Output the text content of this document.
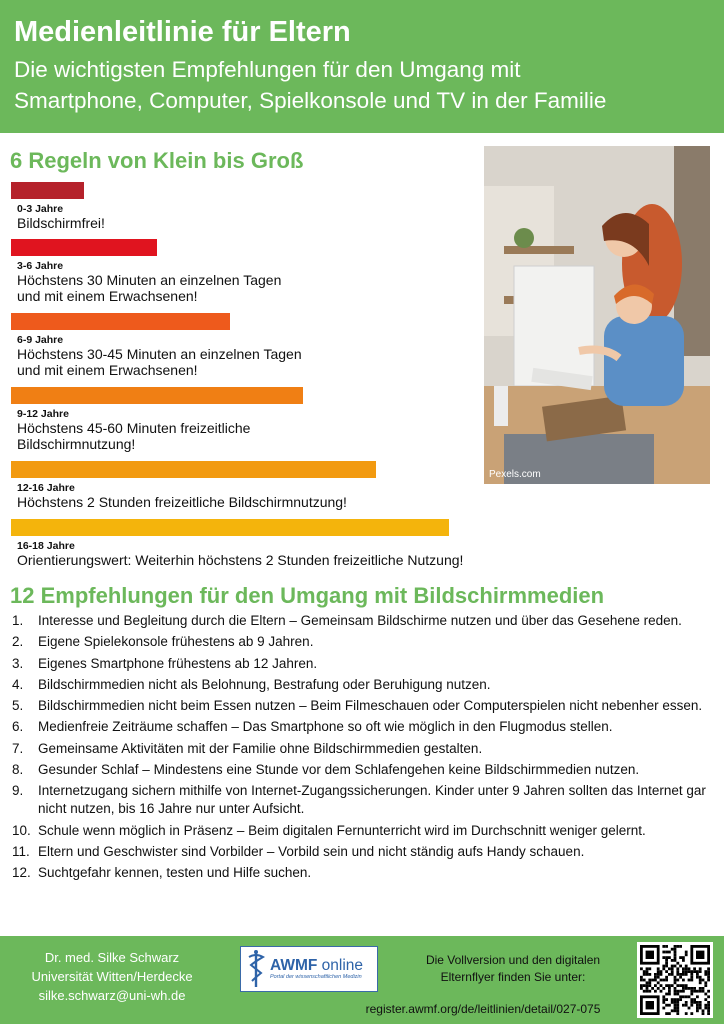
Medienleitlinie für Eltern
Die wichtigsten Empfehlungen für den Umgang mit
Smartphone, Computer, Spielkonsole und TV in der Familie
6 Regeln von Klein bis Groß
0-3 Jahre
Bildschirmfrei!
3-6 Jahre
Höchstens 30 Minuten an einzelnen Tagen
und mit einem Erwachsenen!
6-9 Jahre
Höchstens 30-45 Minuten an einzelnen Tagen
und mit einem Erwachsenen!
9-12 Jahre
Höchstens 45-60 Minuten freizeitliche
Bildschirmnutzung!
12-16 Jahre
Höchstens 2 Stunden freizeitliche Bildschirmnutzung!
16-18 Jahre
Orientierungswert: Weiterhin höchstens 2 Stunden freizeitliche Nutzung!
Pexels.com
12 Empfehlungen für den Umgang mit Bildschirmmedien
1.	Interesse und Begleitung durch die Eltern – Gemeinsam Bildschirme nutzen und über das Gesehene reden.
2.	Eigene Spielekonsole frühestens ab 9 Jahren.
3.	Eigenes Smartphone frühestens ab 12 Jahren.
4.	Bildschirmmedien nicht als Belohnung, Bestrafung oder Beruhigung nutzen.
5.	Bildschirmmedien nicht beim Essen nutzen – Beim Filmeschauen oder Computerspielen nicht nebenher essen.
6.	Medienfreie Zeiträume schaffen – Das Smartphone so oft wie möglich in den Flugmodus stellen.
7.	Gemeinsame Aktivitäten mit der Familie ohne Bildschirmmedien gestalten.
8.	Gesunder Schlaf – Mindestens eine Stunde vor dem Schlafengehen keine Bildschirmmedien nutzen.
9.	Internetzugang sichern mithilfe von Internet-Zugangssicherungen. Kinder unter 9 Jahren sollten das Internet gar nicht nutzen, bis 16 Jahre nur unter Aufsicht.
10. Schule wenn möglich in Präsenz – Beim digitalen Fernunterricht wird im Durchschnitt weniger gelernt.
11. Eltern und Geschwister sind Vorbilder – Vorbild sein und nicht ständig aufs Handy schauen.
12. Suchtgefahr kennen, testen und Hilfe suchen.
Dr. med. Silke Schwarz
Universität Witten/Herdecke
silke.schwarz@uni-wh.de
AWMF online
Portal der wissenschaftlichen Medizin
Die Vollversion und den digitalen
Elternflyer finden Sie unter:
register.awmf.org/de/leitlinien/detail/027-075
